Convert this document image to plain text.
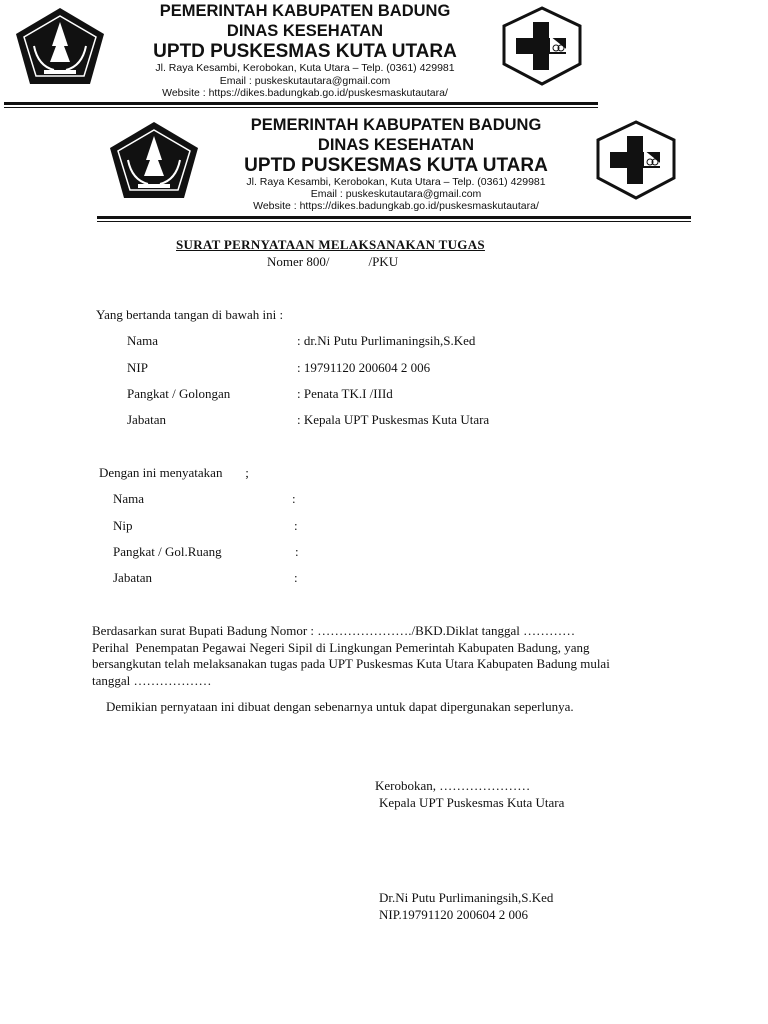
PEMERINTAH KABUPATEN BADUNG
DINAS KESEHATAN
UPTD PUSKESMAS KUTA UTARA
Jl. Raya Kesambi, Kerobokan, Kuta Utara – Telp. (0361) 429981
Email : puskeskutautara@gmail.com
Website : https://dikes.badungkab.go.id/puskesmaskutautara/
PEMERINTAH KABUPATEN BADUNG
DINAS KESEHATAN
UPTD PUSKESMAS KUTA UTARA
Jl. Raya Kesambi, Kerobokan, Kuta Utara – Telp. (0361) 429981
Email : puskeskutautara@gmail.com
Website : https://dikes.badungkab.go.id/puskesmaskutautara/
SURAT PERNYATAAN MELAKSANAKAN TUGAS
Nomer 800/            /PKU
Yang bertanda tangan di bawah ini :
Nama	: dr.Ni Putu Purlimaningsih,S.Ked
NIP	: 19791120 200604 2 006
Pangkat / Golongan	: Penata TK.I /IIId
Jabatan	: Kepala UPT Puskesmas Kuta Utara
Dengan ini menyatakan       ;
Nama	:
Nip	:
Pangkat / Gol.Ruang	:
Jabatan	:
Berdasarkan surat Bupati Badung Nomor : …………………./BKD.Diklat tanggal …………
Perihal  Penempatan Pegawai Negeri Sipil di Lingkungan Pemerintah Kabupaten Badung, yang
bersangkutan telah melaksanakan tugas pada UPT Puskesmas Kuta Utara Kabupaten Badung mulai
tanggal ………………
Demikian pernyataan ini dibuat dengan sebenarnya untuk dapat dipergunakan seperlunya.
Kerobokan, …………………
Kepala UPT Puskesmas Kuta Utara
Dr.Ni Putu Purlimaningsih,S.Ked
NIP.19791120 200604 2 006
